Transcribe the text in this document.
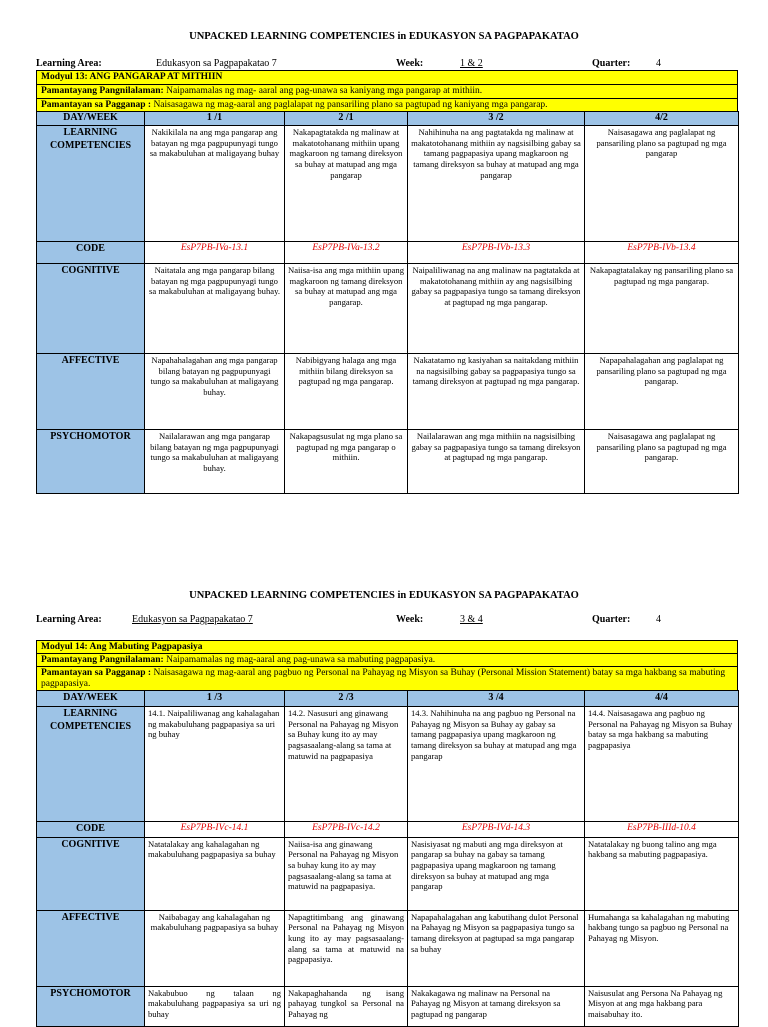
UNPACKED LEARNING COMPETENCIES in EDUKASYON SA PAGPAPAKATAO
Learning Area:	Edukasyon sa Pagpapakatao 7	Week:	1 & 2	Quarter:	4
Modyul 13: ANG PANGARAP AT MITHIIN
Pamantayang Pangnilalaman: Naipamamalas ng mag- aaral ang pag-unawa sa kaniyang mga pangarap at mithiin.
Pamantayan sa Pagganap : Naisasagawa ng mag-aaral ang paglalapat ng pansariling plano sa pagtupad ng kaniyang mga pangarap.
DAY/WEEK	1 /1	2 /1	3 /2	4/2
LEARNING COMPETENCIES	Nakikilala na ang mga pangarap ang batayan ng mga pagpupunyagi tungo sa makabuluhan at maligayang buhay	Nakapagtatakda ng malinaw at makatotohanang mithiin upang magkaroon ng tamang direksyon sa buhay at matupad ang mga pangarap	Nahihinuha na ang pagtatakda ng malinaw at makatotohanang mithiin ay nagsisilbing gabay sa tamang pagpapasiya upang magkaroon ng tamang direksyon sa buhay at matupad ang mga pangarap	Naisasagawa ang paglalapat ng pansariling plano sa pagtupad ng mga pangarap
CODE	EsP7PB-IVa-13.1	EsP7PB-IVa-13.2	EsP7PB-IVb-13.3	EsP7PB-IVb-13.4
COGNITIVE	Naitatala ang mga pangarap bilang batayan ng mga pagpupunyagi tungo sa makabuluhan at maligayang buhay.	Naiisa-isa ang mga mithiin upang magkaroon ng tamang direksyon sa buhay at matupad ang mga pangarap.	Naipaliliwanag na ang malinaw na pagtatakda at makatotohanang mithiin ay ang nagsisilbing gabay sa pagpapasiya tungo sa tamang direksyon at pagtupad ng mga pangarap.	Nakapagtatalakay ng pansariling plano sa pagtupad ng mga pangarap.
AFFECTIVE	Napahahalagahan ang mga pangarap bilang batayan ng pagpupunyagi tungo sa makabuluhan at maligayang buhay.	Nabibigyang halaga ang mga mithiin bilang direksyon sa pagtupad ng mga pangarap.	Nakatatamo ng kasiyahan sa naitakdang mithiin na nagsisilbing gabay sa pagpapasiya tungo sa tamang direksyon at pagtupad ng mga pangarap.	Napapahalagahan ang paglalapat ng pansariling plano sa pagtupad ng mga pangarap.
PSYCHOMOTOR	Nailalarawan ang mga pangarap bilang batayan ng mga pagpupunyagi tungo sa makabuluhan at maligayang buhay.	Nakapagsusulat ng mga plano sa pagtupad ng mga pangarap o mithiin.	Nailalarawan ang mga mithiin na nagsisilbing gabay sa pagpapasiya tungo sa tamang direksyon at pagtupad ng mga pangarap.	Naisasagawa ang paglalapat ng pansariling plano sa pagtupad ng mga pangarap.
UNPACKED LEARNING COMPETENCIES in EDUKASYON SA PAGPAPAKATAO
Learning Area:	Edukasyon sa Pagpapakatao 7	Week:	3 & 4	Quarter:	4
Modyul 14: Ang Mabuting Pagpapasiya
Pamantayang Pangnilalaman: Naipamamalas ng mag-aaral ang pag-unawa sa mabuting pagpapasiya.
Pamantayan sa Pagganap : Naisasagawa ng mag-aaral ang pagbuo ng Personal na Pahayag ng Misyon sa Buhay (Personal Mission Statement) batay sa mga hakbang sa mabuting pagpapasiya.
DAY/WEEK	1 /3	2 /3	3 /4	4/4
LEARNING COMPETENCIES	14.1. Naipaliliwanag ang kahalagahan ng makabuluhang pagpapasiya sa uri ng buhay	14.2. Nasusuri ang ginawang Personal na Pahayag ng Misyon sa Buhay kung ito ay may pagsasaalang-alang sa tama at matuwid na pagpapasiya	14.3. Nahihinuha na ang pagbuo ng Personal na Pahayag ng Misyon sa Buhay ay gabay sa tamang pagpapasiya upang magkaroon ng tamang direksyon sa buhay at matupad ang mga pangarap	14.4. Naisasagawa ang pagbuo ng Personal na Pahayag ng Misyon sa Buhay batay sa mga hakbang sa mabuting pagpapasiya
CODE	EsP7PB-IVc-14.1	EsP7PB-IVc-14.2	EsP7PB-IVd-14.3	EsP7PB-IIId-10.4
COGNITIVE	Natatalakay ang kahalagahan ng makabuluhang pagpapasiya sa buhay	Naiisa-isa ang ginawang Personal na Pahayag ng Misyon sa buhay kung ito ay may pagsasaalang-alang sa tama at matuwid na pagpapasiya.	Nasisiyasat ng mabuti ang mga direksyon at pangarap sa buhay na gabay sa tamang pagpapasiya upang magkaroon ng tamang direksyon sa buhay at matupad ang mga pangarap	Natatalakay ng buong talino ang mga hakbang sa mabuting pagpapasiya.
AFFECTIVE	Naibabagay ang kahalagahan ng makabuluhang pagpapasiya sa buhay	Napagtitimbang ang ginawang Personal na Pahayag ng Misyon kung ito ay may pagsasaalang-alang sa tama at matuwid na pagpapasiya.	Napapahalagahan ang kabutihang dulot Personal na Pahayag ng Misyon sa pagpapasiya tungo sa tamang direksyon at pagtupad sa mga pangarap sa buhay	Humahanga sa kahalagahan ng mabuting hakbang tungo sa pagbuo ng Personal na Pahayag ng Misyon.
PSYCHOMOTOR	Nakabubuo ng talaan ng makabuluhang pagpapasiya sa uri ng buhay	Nakapaghahanda ng isang pahayag tungkol sa Personal na Pahayag ng	Nakakagawa ng malinaw na Personal na Pahayag ng Misyon at tamang direksyon sa pagtupad ng pangarap	Naisusulat ang Persona Na Pahayag ng Misyon at ang mga hakbang para maisabuhay ito.
